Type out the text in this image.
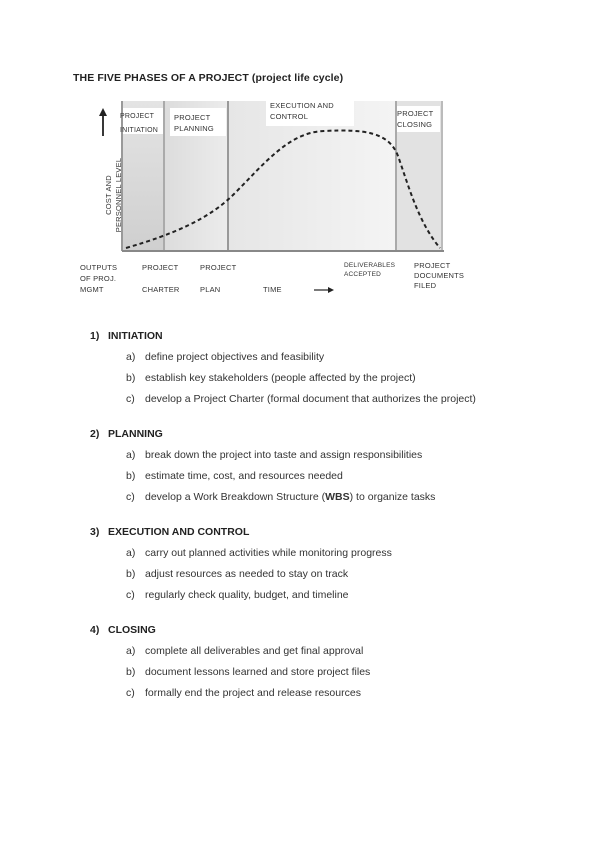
THE FIVE PHASES OF A PROJECT (project life cycle)
PROJECT
INITIATION
PROJECT
PLANNING
EXECUTION AND
CONTROL	PROJECT
CLOSING
COST AND
PERSONNEL LEVEL
OUTPUTS
OF PROJ.
MGMT
PROJECT

CHARTER
PROJECT

PLAN	TIME
DELIVERABLES
ACCEPTED
PROJECT
DOCUMENTS
FILED
1) INITIATION
a) define project objectives and feasibility
b) establish key stakeholders (people affected by the project)
c) develop a Project Charter (formal document that authorizes the project)
2) PLANNING
a) break down the project into taste and assign responsibilities
b) estimate time, cost, and resources needed
c) develop a Work Breakdown Structure (WBS) to organize tasks
3) EXECUTION AND CONTROL
a) carry out planned activities while monitoring progress
b) adjust resources as needed to stay on track
c) regularly check quality, budget, and timeline
4) CLOSING
a) complete all deliverables and get final approval
b) document lessons learned and store project files
c) formally end the project and release resources
